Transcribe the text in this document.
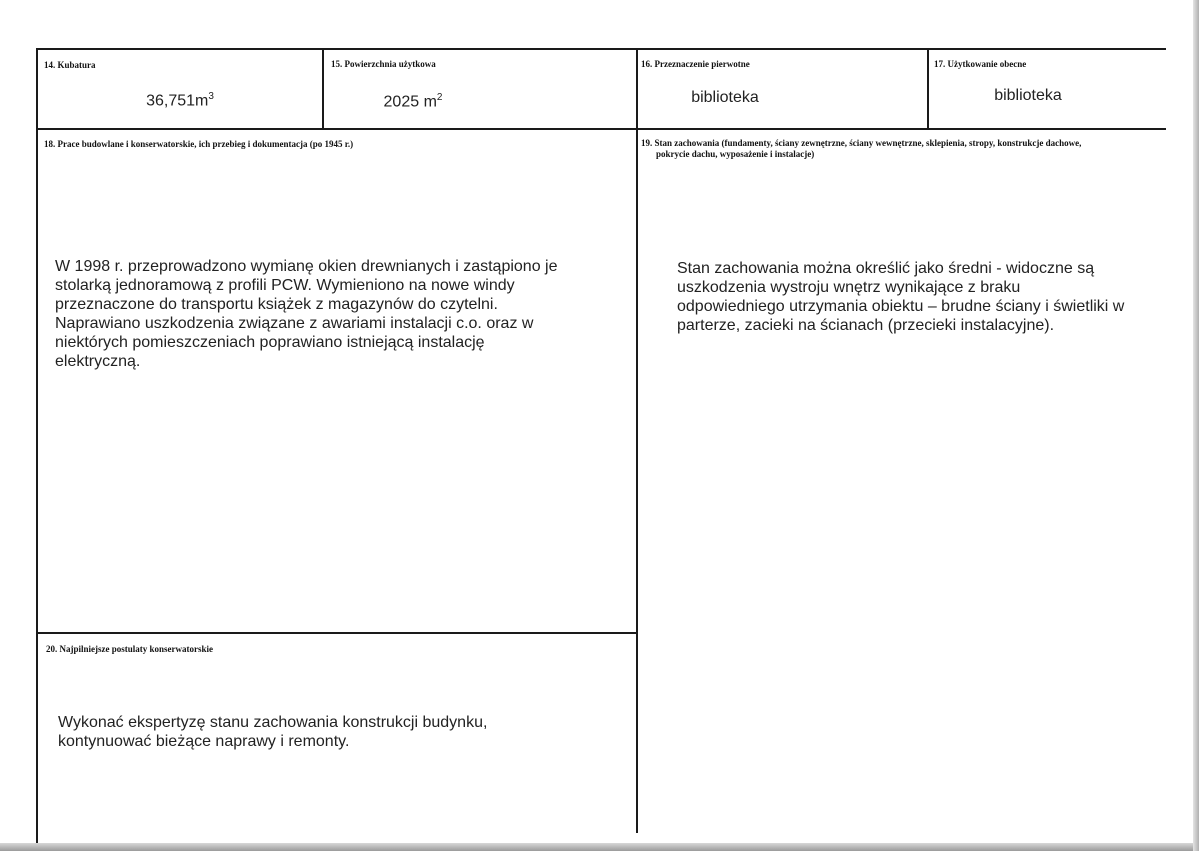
14. Kubatura
$36,751m^3$
15. Powierzchnia użytkowa
2025 $m^2$
16. Przeznaczenie pierwotne
biblioteka
17. Użytkowanie obecne
biblioteka
18. Prace budowlane i konserwatorskie, ich przebieg i dokumentacja (po 1945 r.)
W 1998 r. przeprowadzono wymianę okien drewnianych i zastąpiono je
stolarką jednoramową z profili PCW. Wymieniono na nowe windy
przeznaczone do transportu książek z magazynów do czytelni.
Naprawiano uszkodzenia związane z awariami instalacji c.o. oraz w
niektórych pomieszczeniach poprawiano istniejącą instalację
elektryczną.
19. Stan zachowania (fundamenty, ściany zewnętrzne, ściany wewnętrzne, sklepienia, stropy, konstrukcje dachowe,
pokrycie dachu, wyposażenie i instalacje)
Stan zachowania można określić jako średni - widoczne są
uszkodzenia wystroju wnętrz wynikające z braku
odpowiedniego utrzymania obiektu – brudne ściany i świetliki w
parterze, zacieki na ścianach (przecieki instalacyjne).
20. Najpilniejsze postulaty konserwatorskie
Wykonać ekspertyzę stanu zachowania konstrukcji budynku,
kontynuować bieżące naprawy i remonty.
